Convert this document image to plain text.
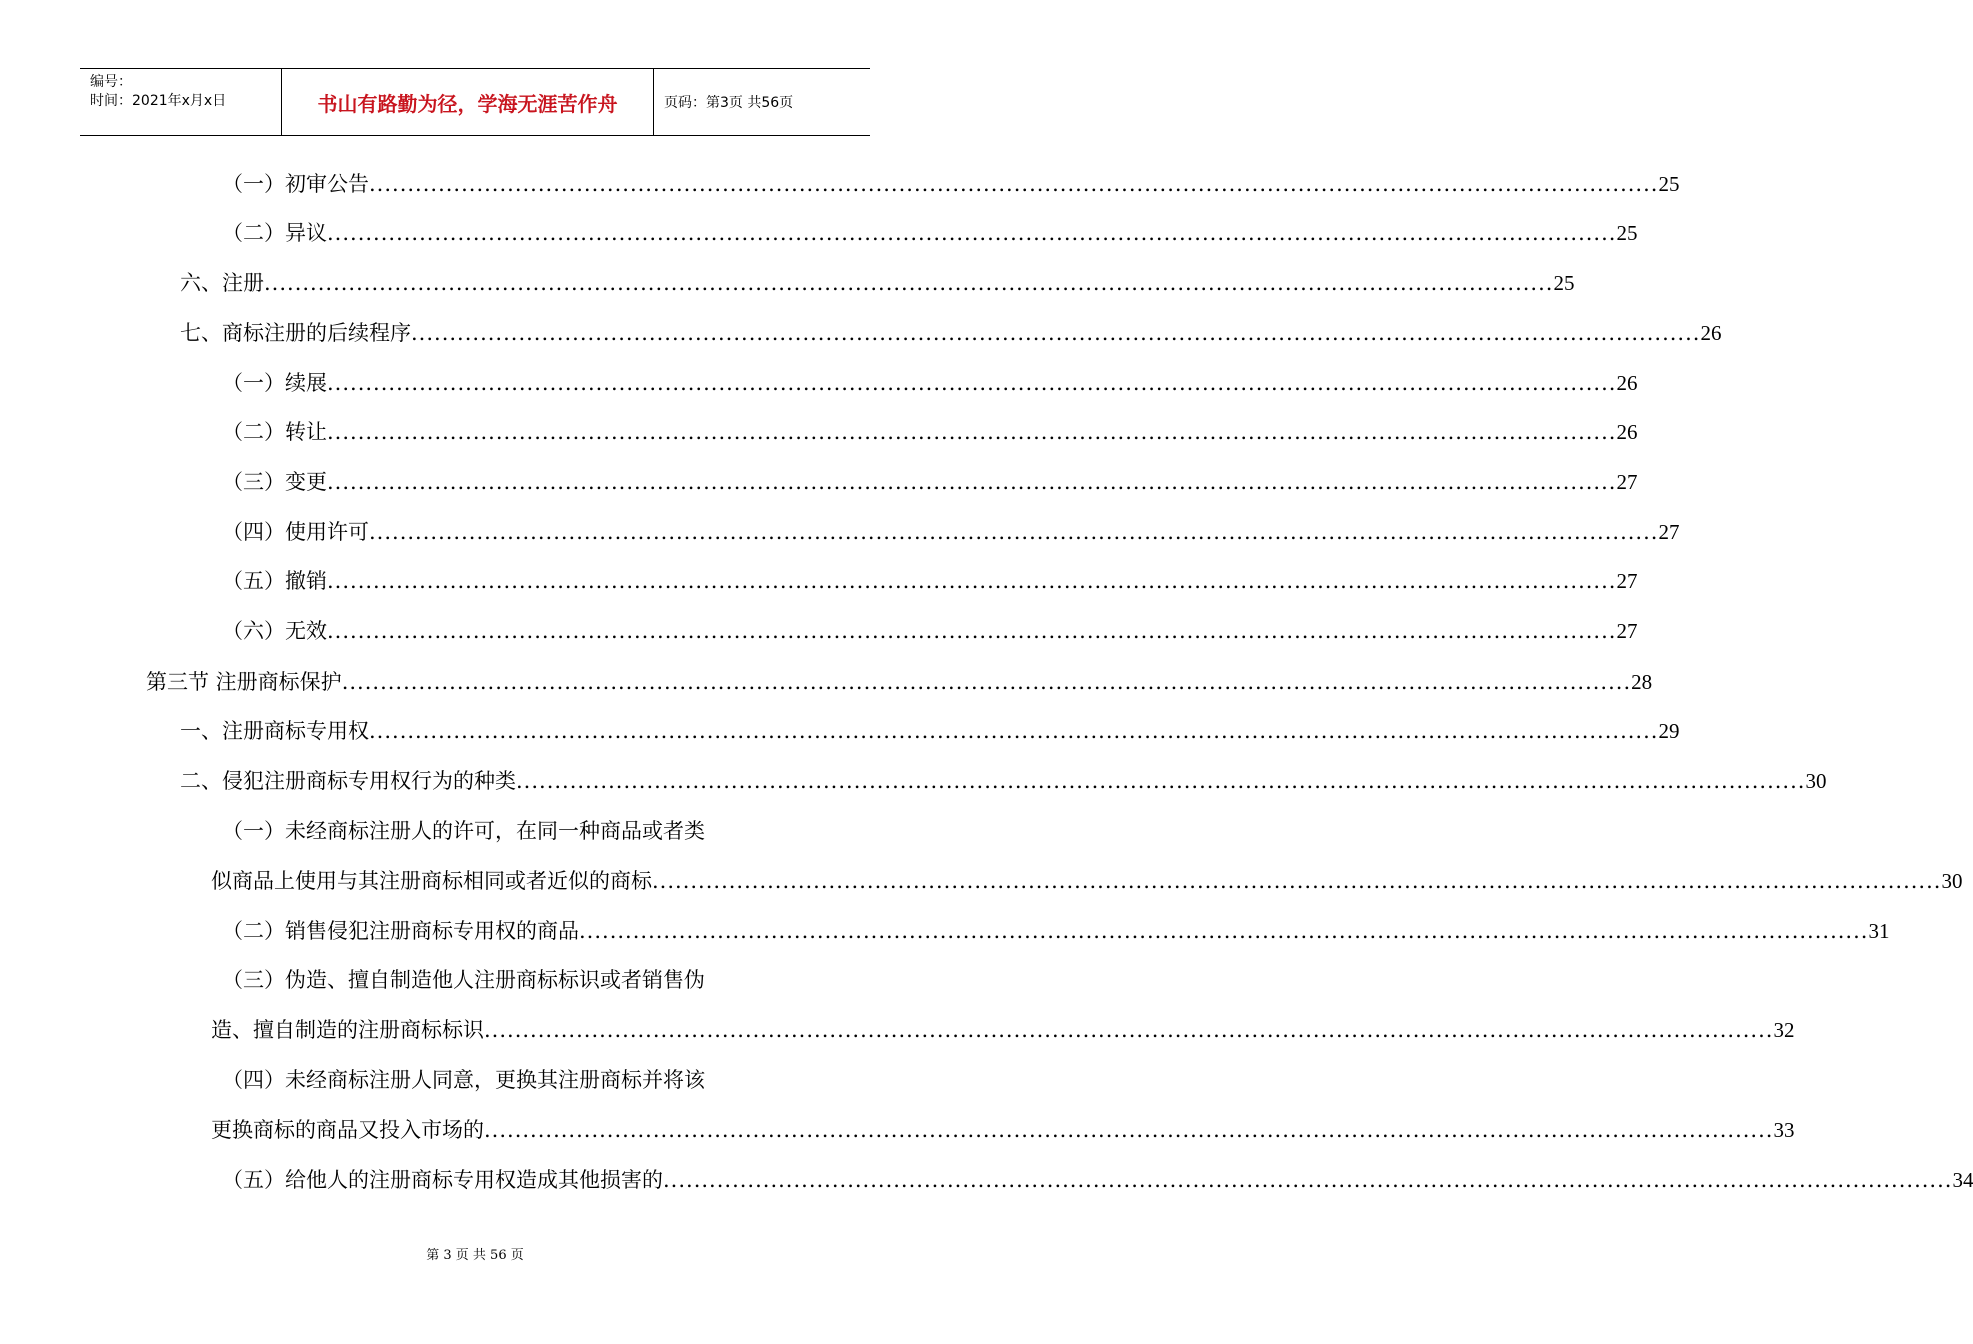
编号：
时间：2021年x月x日	书山有路勤为径，学海无涯苦作舟	页码：第3页 共56页
（一）初审公告 ........................................................................................................................................................................ 25
（二）异议 ........................................................................................................................................................................ 25
六、注册 ........................................................................................................................................................................ 25
七、商标注册的后续程序 ........................................................................................................................................................................ 26
（一）续展 ........................................................................................................................................................................ 26
（二）转让 ........................................................................................................................................................................ 26
（三）变更 ........................................................................................................................................................................ 27
（四）使用许可 ........................................................................................................................................................................ 27
（五）撤销 ........................................................................................................................................................................ 27
（六）无效 ........................................................................................................................................................................ 27
第三节 注册商标保护 ........................................................................................................................................................................ 28
一、注册商标专用权 ........................................................................................................................................................................ 29
二、侵犯注册商标专用权行为的种类 ........................................................................................................................................................................ 30
（一）未经商标注册人的许可，在同一种商品或者类
似商品上使用与其注册商标相同或者近似的商标 ........................................................................................................................................................................ 30
（二）销售侵犯注册商标专用权的商品 ........................................................................................................................................................................ 31
（三）伪造、擅自制造他人注册商标标识或者销售伪
造、擅自制造的注册商标标识 ........................................................................................................................................................................ 32
（四）未经商标注册人同意，更换其注册商标并将该
更换商标的商品又投入市场的 ........................................................................................................................................................................ 33
（五）给他人的注册商标专用权造成其他损害的 ........................................................................................................................................................................ 34
第 3 页 共 56 页
